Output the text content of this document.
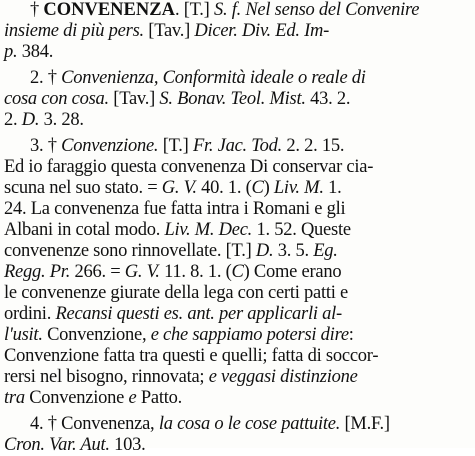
† CONVENENZA. [T.] S. f. Nel senso del Convenire
insieme di più pers. [Tav.] Dicer. Div. Ed. Im-
p. 384.
2. † Convenienza, Conformità ideale o reale di
cosa con cosa. [Tav.] S. Bonav. Teol. Mist. 43. 2.
2. D. 3. 28.
3. † Convenzione. [T.] Fr. Jac. Tod. 2. 2. 15.
Ed io faraggio questa convenenza Di conservar cia-
scuna nel suo stato. = G. V. 40. 1. (C) Liv. M. 1.
24. La convenenza fue fatta intra i Romani e gli
Albani in cotal modo. Liv. M. Dec. 1. 52. Queste
convenenze sono rinnovellate. [T.] D. 3. 5. Eg.
Regg. Pr. 266. = G. V. 11. 8. 1. (C) Come erano
le convenenze giurate della lega con certi patti e
ordini. Recansi questi es. ant. per applicarli al-
l'usit. Convenzione, e che sappiamo potersi dire:
Convenzione fatta tra questi e quelli; fatta di soccor-
rersi nel bisogno, rinnovata; e veggasi distinzione
tra Convenzione e Patto.
4. † Convenenza, la cosa o le cose pattuite. [M.F.]
Cron. Var. Aut. 103.
